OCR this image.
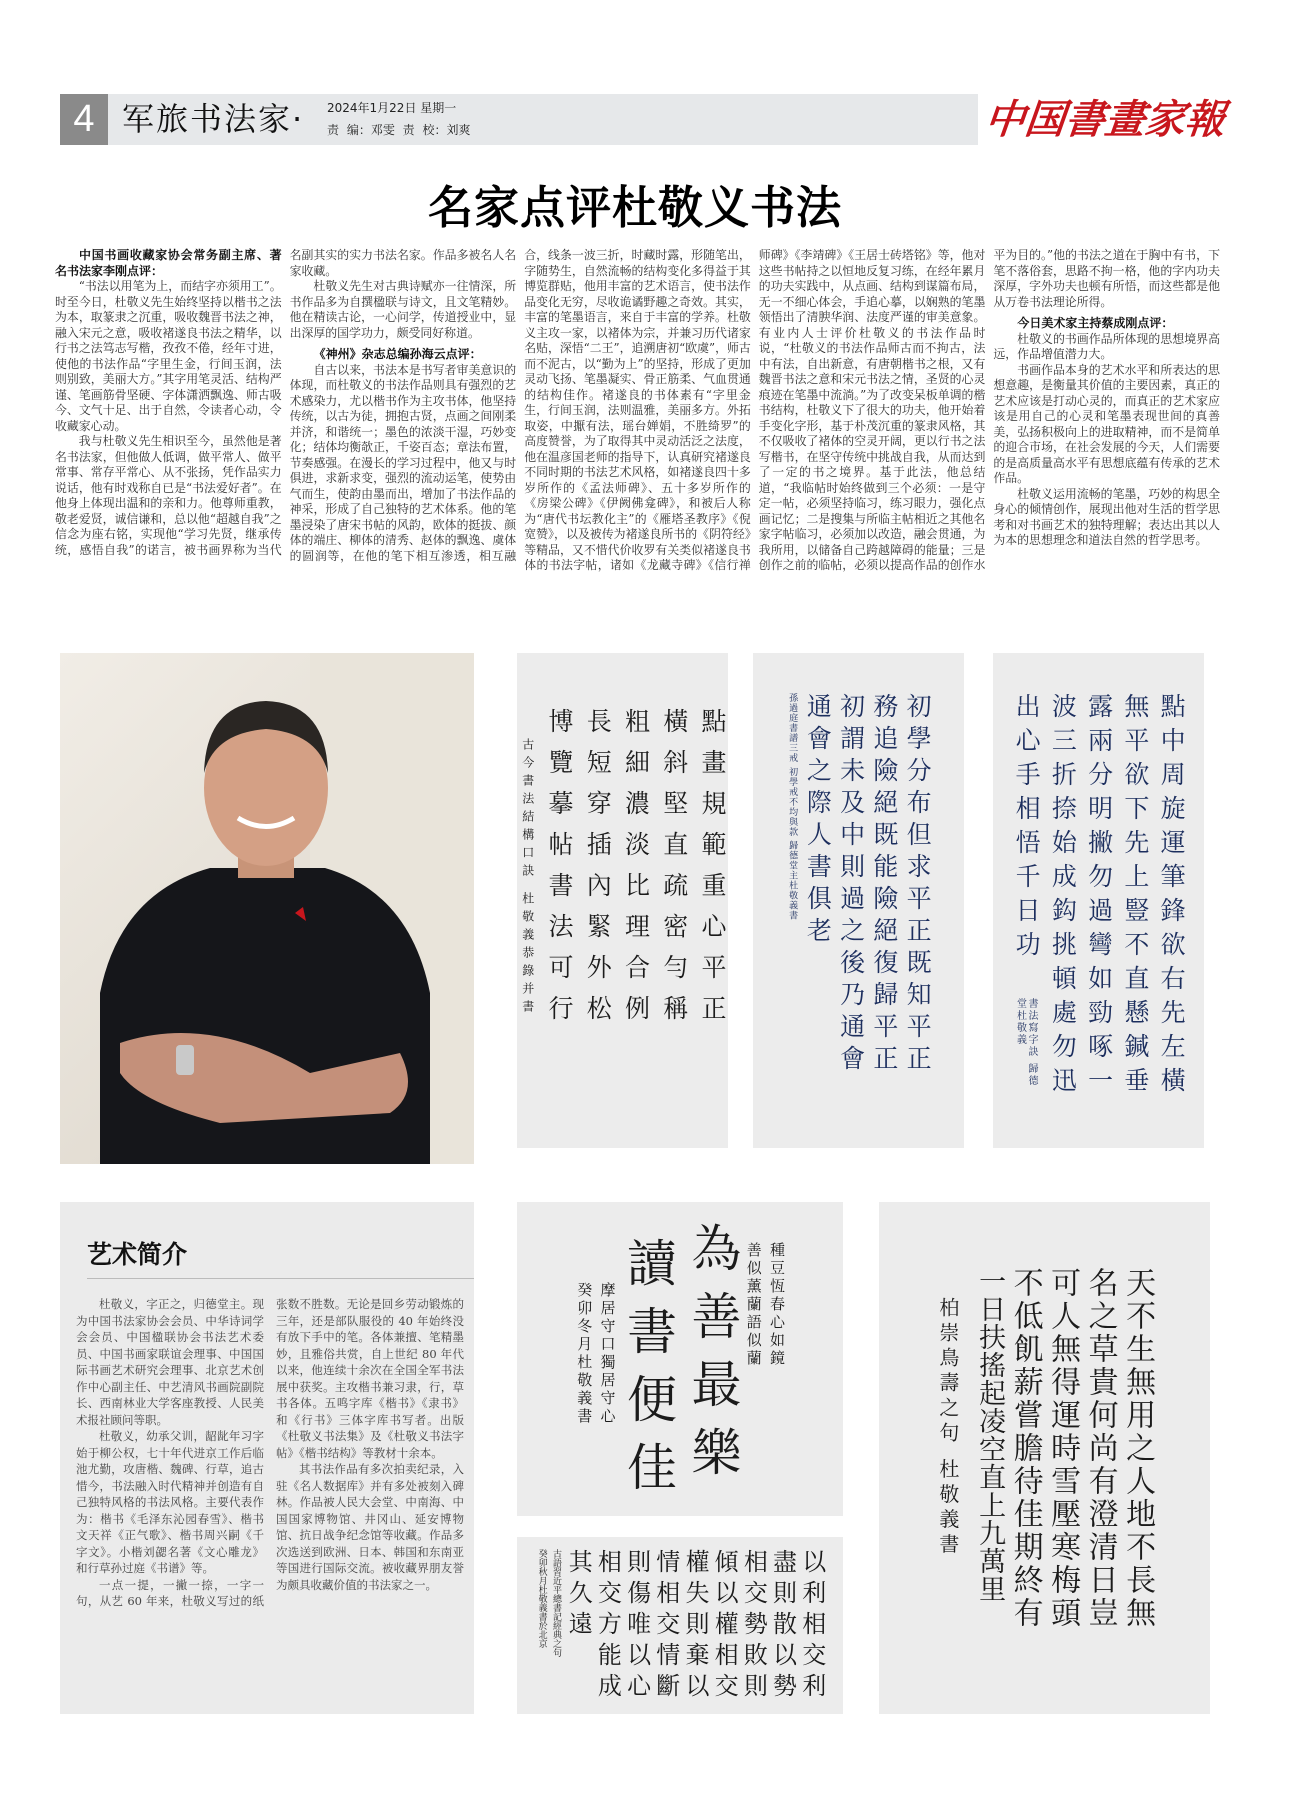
4 军旅书法家· 2024年1月22日 星期一
责 编：邓雯 责 校：刘爽	中国書畫家報
名家点评杜敬义书法
中国书画收藏家协会常务副主席、著名书法家李刚点评：

“书法以用笔为上，而结字亦须用工”。时至今日，杜敬义先生始终坚持以楷书之法为本，取篆隶之沉重，吸收魏晋书法之神，融入宋元之意，吸收褚遂良书法之精华，以行书之法笃志写楷，孜孜不倦，经年寸进，使他的书法作品“字里生金，行间玉润，法则别致，美丽大方。”其字用笔灵活、结构严谨、笔画筋骨坚硬、字体潇洒飘逸、师古吸今、文气十足、出于自然，令读者心动，令收藏家心动。

我与杜敬义先生相识至今，虽然他是著名书法家，但他做人低调，做平常人、做平常事、常存平常心、从不张扬，凭作品实力说话，他有时戏称自已是“书法爱好者”。在他身上体现出温和的亲和力。他尊师重教，敬老爱贤，诚信谦和，总以他“超越自我”之信念为座右铭，实现他“学习先贤，继承传统，感悟自我”的诺言，被书画界称为当代名副其实的实力书法名家。作品多被名人名家收藏。

杜敬义先生对古典诗赋亦一往情深，所书作品多为自撰楹联与诗文，且文笔精妙。他在精读古论，一心问学，传道授业中，显出深厚的国学功力，颇受同好称道。

《神州》杂志总编孙海云点评：

自古以来，书法本是书写者审美意识的体现，而杜敬义的书法作品则具有强烈的艺术感染力，尤以楷书作为主攻书体，他坚持传统，以古为徒，拥抱古贤，点画之间刚柔并济，和谐统一；墨色的浓淡干湿，巧妙变化；结体均衡欹正，千姿百态；章法布置，节奏感强。在漫长的学习过程中，他又与时俱进，求新求变，强烈的流动运笔，使势由气而生，使韵由墨而出，增加了书法作品的神采，形成了自己独特的艺术体系。他的笔墨浸染了唐宋书帖的风韵，欧体的挺拔、颜体的端庄、柳体的清秀、赵体的飘逸、虞体的圆润等，在他的笔下相互渗透，相互融合，线条一波三折，时藏时露，形随笔出，字随势生，自然流畅的结构变化多得益于其博览群贴，他用丰富的艺术语言，使书法作品变化无穷，尽收诡谲野趣之奇效。其实，丰富的笔墨语言，来自于丰富的学养。杜敬义主攻一家，以褚体为宗，并兼习历代诸家名贴，深悟“二王”，追溯唐初“欧虞”，师古而不泥古，以“勤为上”的坚持，形成了更加灵动飞扬、笔墨凝实、骨正筋柔、气血贯通的结构佳作。褚遂良的书体素有“字里金生，行间玉润，法则温雅，美丽多方。外拓取姿，中擫有法，瑶台婵娟，不胜绮罗”的高度赞誉，为了取得其中灵动活泛之法度，他在温彦国老师的指导下，认真研究褚遂良不同时期的书法艺术风格，如褚遂良四十多岁所作的《孟法师碑》、五十多岁所作的《房梁公碑》《伊阙佛龛碑》，和被后人称为“唐代书坛教化主”的《雁塔圣教序》《倪宽赞》，以及被传为褚遂良所书的《阴符经》等精品，又不惜代价收罗有关类似褚遂良书体的书法字帖，诸如《龙藏寺碑》《信行禅师碑》《李靖碑》《王居士砖塔铭》等，他对这些书帖持之以恒地反复习练，在经年累月的功夫实践中，从点画、结构到谋篇布局，无一不细心体会，手追心摹，以娴熟的笔墨领悟出了清腴华润、法度严谨的审美意象。有业内人士评价杜敬义的书法作品时说，“杜敬义的书法作品师古而不拘古，法中有法，自出新意，有唐朝楷书之根，又有魏晋书法之意和宋元书法之情，圣贤的心灵痕迹在笔墨中流淌。”为了改变呆板单调的楷书结构，杜敬义下了很大的功夫，他开始着手变化字形，基于朴茂沉重的篆隶风格，其不仅吸收了褚体的空灵开阔，更以行书之法写楷书，在坚守传统中挑战自我，从而达到了一定的书之境界。基于此法，他总结道，“我临帖时始终做到三个必须：一是守定一帖，必须坚持临习，练习眼力，强化点画记忆；二是搜集与所临主帖相近之其他名家字帖临习，必须加以改造，融会贯通，为我所用，以储备自己跨越障碍的能量；三是创作之前的临帖，必须以提高作品的创作水平为目的。”他的书法之道在于胸中有书，下笔不落俗套，思路不拘一格，他的字内功夫深厚，字外功夫也顿有所悟，而这些都是他从万卷书法理论所得。

今日美术家主持蔡成刚点评：

杜敬义的书画作品所体现的思想境界高远，作品增值潜力大。

书画作品本身的艺术水平和所表达的思想意趣，是衡量其价值的主要因素，真正的艺术应该是打动心灵的，而真正的艺术家应该是用自己的心灵和笔墨表现世间的真善美，弘扬积极向上的进取精神，而不是简单的迎合市场，在社会发展的今天，人们需要的是高质量高水平有思想底蕴有传承的艺术作品。

杜敬义运用流畅的笔墨，巧妙的构思全身心的倾情创作，展现出他对生活的哲学思考和对书画艺术的独特理解；表达出其以人为本的思想理念和道法自然的哲学思考。

點畫規範重心平正
橫斜堅直疏密勻稱
粗細濃淡比理合例
長短穿插內緊外松
博覽摹帖書法可行
古今書法結構口訣 杜敬義恭錄并書	初學分布但求平正既知平正
務追險絕既能險絕復歸平正
初謂未及中則過之後乃通會
通會之際人書俱老
孫過庭書譜三戒 初學戒不均與款 歸德堂主杜敬義書	點中周旋運筆鋒欲右先左橫
無平欲下先上豎不直懸鍼垂
露兩分明撇勿過彎如勁啄一
波三折捺始成鈎挑頓處勿迅
出心手相悟千日功
書法寫字訣 歸德堂杜敬義
艺术简介

杜敬义，字正之，归德堂主。现为中国书法家协会会员、中华诗词学会会员、中国楹联协会书法艺术委员、中国书画家联谊会理事、中国国际书画艺术研究会理事、北京艺术创作中心副主任、中艺清风书画院副院长、西南林业大学客座教授、人民美术报社顾问等职。

杜敬义，幼承父训，龆龀年习字始于柳公权，七十年代进京工作后临池尤勤，攻唐楷、魏碑、行草，追古惜今，书法融入时代精神并创造有自己独特风格的书法风格。主要代表作为：楷书《毛泽东沁园春雪》、楷书文天祥《正气歌》、楷书周兴嗣《千字文》。小楷刘勰名著《文心雕龙》和行草孙过庭《书谱》等。

一点一提，一撇一捺，一字一句，从艺 60 年来，杜敬义写过的纸张数不胜数。无论是回乡劳动锻炼的三年，还是部队服役的 40 年始终没有放下手中的笔。各体兼擅、笔精墨妙，且雅俗共赏，自上世纪 80 年代以来，他连续十余次在全国全军书法展中获奖。主攻楷书兼习隶，行，草书各体。五鸣字库《楷书》《隶书》和《行书》三体字库书写者。出版《杜敬义书法集》及《杜敬义书法字帖》《楷书结构》等教材十余本。

其书法作品有多次拍卖纪录，入驻《名人数据库》并有多处被刻入碑林。作品被人民大会堂、中南海、中国国家博物馆、井冈山、延安博物馆、抗日战争纪念馆等收藏。作品多次选送到欧洲、日本、韩国和东南亚等国进行国际交流。被收藏界朋友誉为颇具收藏价值的书法家之一。

種豆恆春心如鏡
善似薰蘭語似蘭
為善最樂
讀書便佳
摩居守口獨居守心
癸卯冬月杜敬義書
以利相交利
盡則散以勢
相交勢敗則
傾以權相交
權失則棄以
情相交情斷
則傷唯以心
相交方能成
其久遠
古語習近平總書記經典之句
癸卯秋月杜敬義書於北京	天不生無用之人地不長無
名之草貴何尚有澄清日豈
可人無得運時雪壓寒梅頭
不低飢薪嘗膽待佳期終有
一日扶搖起凌空直上九萬里
柏崇鳥壽之句 杜敬義書
